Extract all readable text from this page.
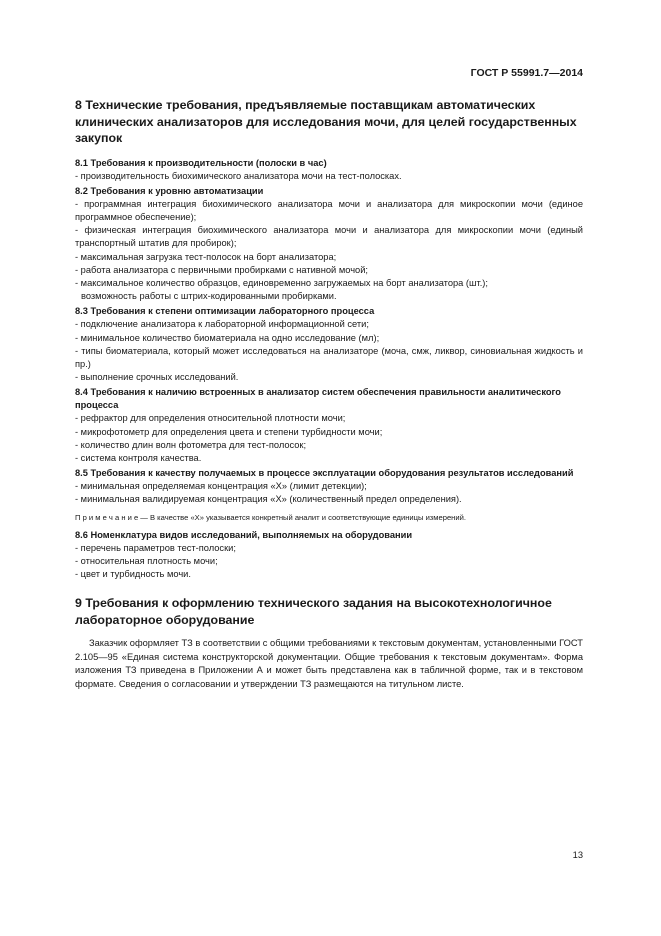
ГОСТ Р 55991.7—2014
8 Технические требования, предъявляемые поставщикам автоматических клинических анализаторов для исследования мочи, для целей государственных закупок
8.1 Требования к производительности (полоски в час)
- производительность биохимического анализатора мочи на тест-полосках.
8.2 Требования к уровню автоматизации
- программная интеграция биохимического анализатора мочи и анализатора для микроскопии мочи (единое программное обеспечение);
- физическая интеграция биохимического анализатора мочи и анализатора для микроскопии мочи (единый транспортный штатив для пробирок);
- максимальная загрузка тест-полосок на борт анализатора;
- работа анализатора с первичными пробирками с нативной мочой;
- максимальное количество образцов, единовременно загружаемых на борт анализатора (шт.);
возможность работы с штрих-кодированными пробирками.
8.3 Требования к степени оптимизации лабораторного процесса
- подключение анализатора к лабораторной информационной сети;
- минимальное количество биоматериала на одно исследование (мл);
- типы биоматериала, который может исследоваться на анализаторе (моча, смж, ликвор, синовиальная жидкость и пр.)
- выполнение срочных исследований.
8.4 Требования к наличию встроенных в анализатор систем обеспечения правильности аналитического процесса
- рефрактор для определения относительной плотности мочи;
- микрофотометр для определения цвета и степени турбидности мочи;
- количество длин волн фотометра для тест-полосок;
- система контроля качества.
8.5 Требования к качеству получаемых в процессе эксплуатации оборудования результатов исследований
- минимальная определяемая концентрация «Х» (лимит детекции);
- минимальная валидируемая концентрация «Х» (количественный предел определения).
П р и м е ч а н и е — В качестве «Х» указывается конкретный аналит и соответствующие единицы измерений.
8.6 Номенклатура видов исследований, выполняемых на оборудовании
- перечень параметров тест-полоски;
- относительная плотность мочи;
- цвет и турбидность мочи.
9 Требования к оформлению технического задания на высокотехнологичное лабораторное оборудование
Заказчик оформляет ТЗ в соответствии с общими требованиями к текстовым документам, установленными ГОСТ 2.105—95 «Единая система конструкторской документации. Общие требования к текстовым документам». Форма изложения ТЗ приведена в Приложении А и может быть представлена как в табличной форме, так и в текстовом формате. Сведения о согласовании и утверждении ТЗ размещаются на титульном листе.
13
